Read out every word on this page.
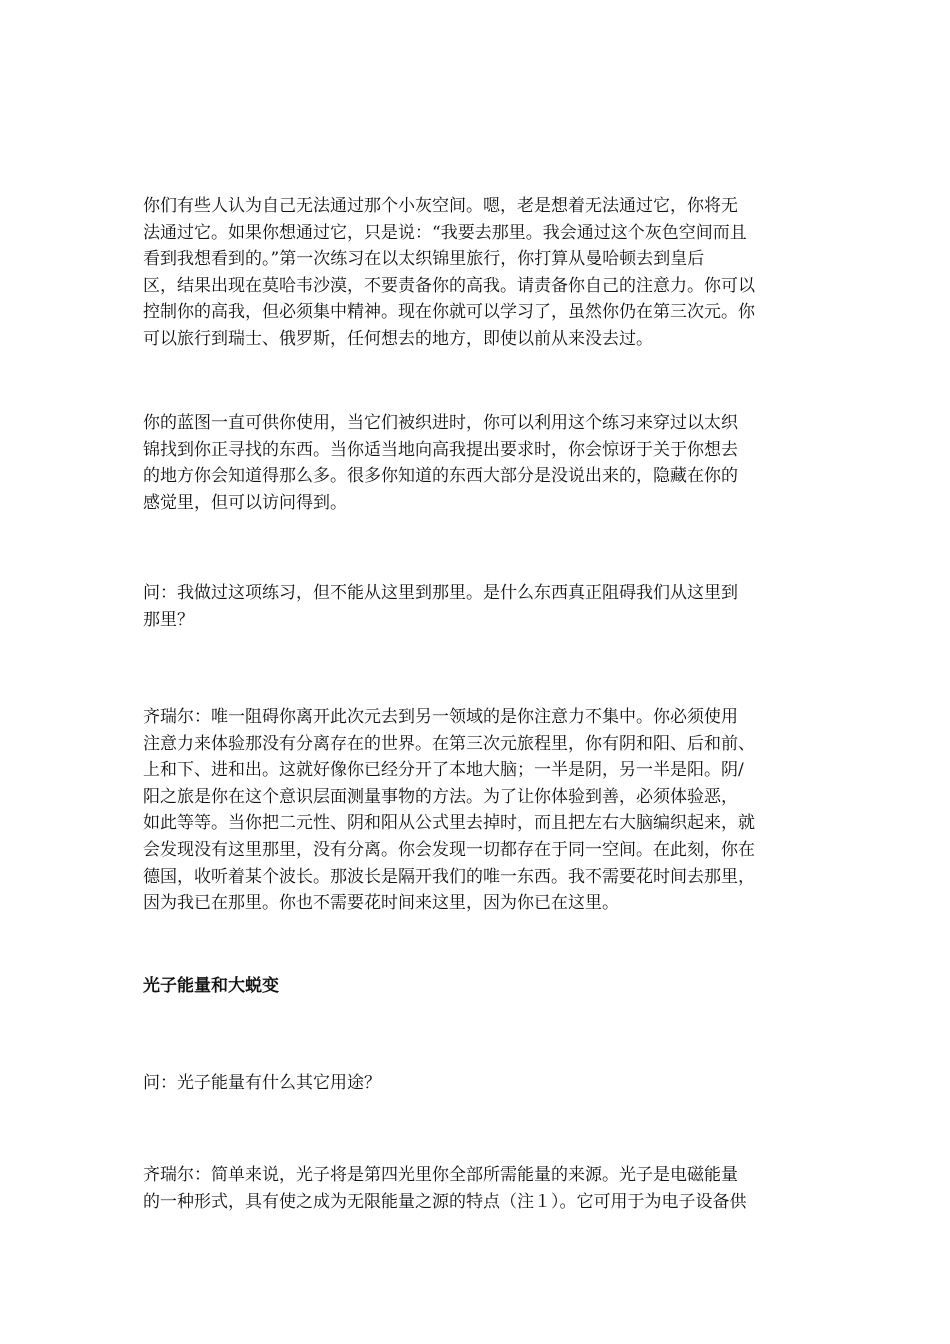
你们有些人认为自己无法通过那个小灰空间。嗯，老是想着无法通过它，你将无
法通过它。如果你想通过它，只是说：“我要去那里。我会通过这个灰色空间而且
看到我想看到的。”第一次练习在以太织锦里旅行，你打算从曼哈顿去到皇后
区，结果出现在莫哈韦沙漠，不要责备你的高我。请责备你自己的注意力。你可以
控制你的高我，但必须集中精神。现在你就可以学习了，虽然你仍在第三次元。你
可以旅行到瑞士、俄罗斯，任何想去的地方，即使以前从来没去过。
你的蓝图一直可供你使用，当它们被织进时，你可以利用这个练习来穿过以太织
锦找到你正寻找的东西。当你适当地向高我提出要求时，你会惊讶于关于你想去
的地方你会知道得那么多。很多你知道的东西大部分是没说出来的，隐藏在你的
感觉里，但可以访问得到。
问：我做过这项练习，但不能从这里到那里。是什么东西真正阻碍我们从这里到
那里？
齐瑞尔：唯一阻碍你离开此次元去到另一领域的是你注意力不集中。你必须使用
注意力来体验那没有分离存在的世界。在第三次元旅程里，你有阴和阳、后和前、
上和下、进和出。这就好像你已经分开了本地大脑；一半是阴，另一半是阳。阴/
阳之旅是你在这个意识层面测量事物的方法。为了让你体验到善，必须体验恶，
如此等等。当你把二元性、阴和阳从公式里去掉时，而且把左右大脑编织起来，就
会发现没有这里那里，没有分离。你会发现一切都存在于同一空间。在此刻，你在
德国，收听着某个波长。那波长是隔开我们的唯一东西。我不需要花时间去那里，
因为我已在那里。你也不需要花时间来这里，因为你已在这里。
光子能量和大蜕变
问：光子能量有什么其它用途？
齐瑞尔：简单来说，光子将是第四光里你全部所需能量的来源。光子是电磁能量
的一种形式，具有使之成为无限能量之源的特点（注１）。它可用于为电子设备供
